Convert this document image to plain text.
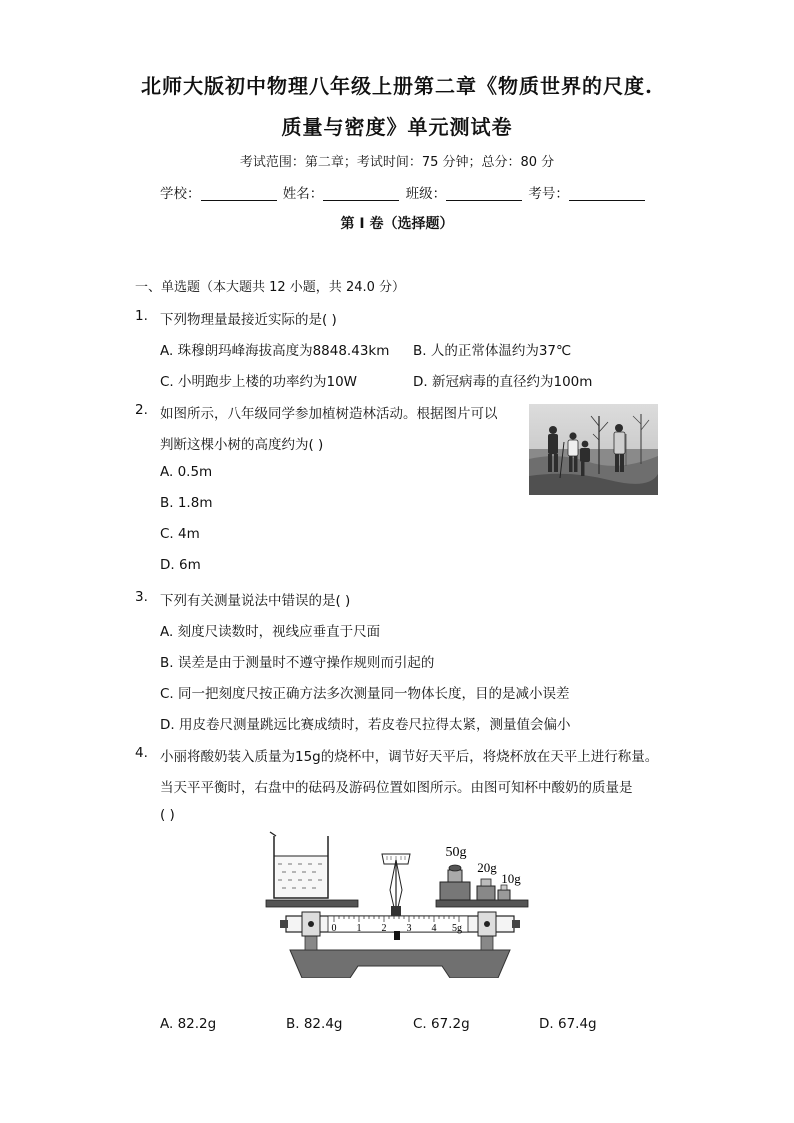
北师大版初中物理八年级上册第二章《物质世界的尺度.
质量与密度》单元测试卷
考试范围：第二章；考试时间：75 分钟；总分：80 分
学校：	姓名：	班级：	考号：
第 I 卷（选择题）
一、单选题（本大题共 12 小题，共 24.0 分）
1. 下列物理量最接近实际的是( )
A. 珠穆朗玛峰海拔高度为8848.43km B. 人的正常体温约为37℃
C. 小明跑步上楼的功率约为10W	D. 新冠病毒的直径约为100m
2. 如图所示，八年级同学参加植树造林活动。根据图片可以
判断这棵小树的高度约为( )
A. 0.5m
B. 1.8m
C. 4m
D. 6m
3. 下列有关测量说法中错误的是( )
A. 刻度尺读数时，视线应垂直于尺面
B. 误差是由于测量时不遵守操作规则而引起的
C. 同一把刻度尺按正确方法多次测量同一物体长度，目的是减小误差
D. 用皮卷尺测量跳远比赛成绩时，若皮卷尺拉得太紧，测量值会偏小
4. 小丽将酸奶装入质量为15g的烧杯中，调节好天平后，将烧杯放在天平上进行称量。
当天平平衡时，右盘中的砝码及游码位置如图所示。由图可知杯中酸奶的质量是
( )
0 1 2 3 4 5g
50g
20g
10g
A. 82.2g	B. 82.4g	C. 67.2g	D. 67.4g
